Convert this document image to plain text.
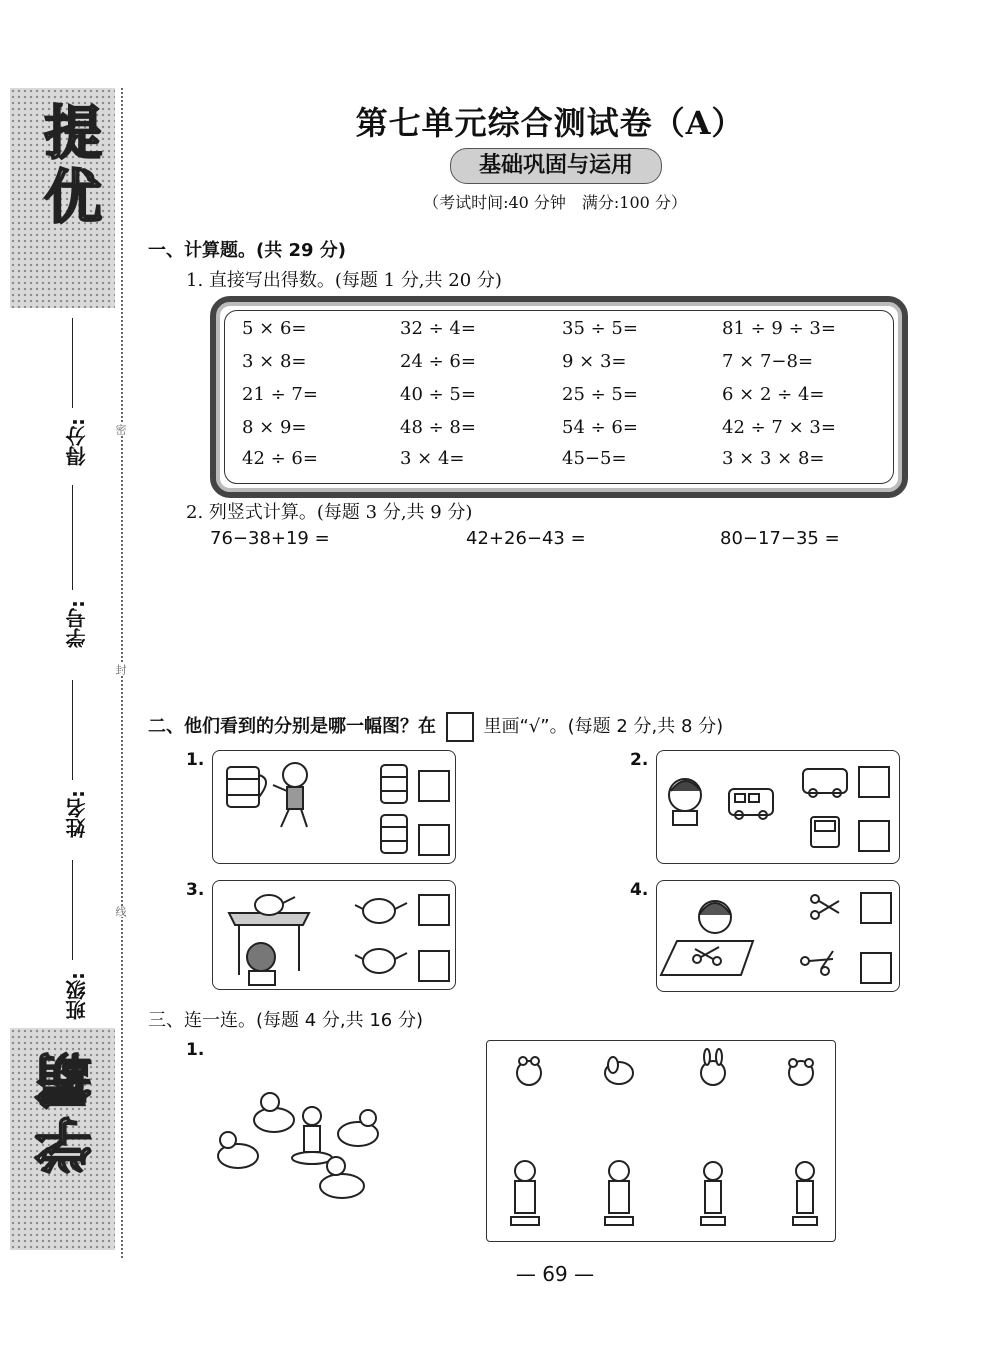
提优
学霸
得分:
学号:
姓名:
班级:
密
封
线
第七单元综合测试卷（A）
基础巩固与运用
（考试时间:40 分钟　满分:100 分）
一、计算题。(共 29 分)
1. 直接写出得数。(每题 1 分,共 20 分)
5 × 6=	32 ÷ 4=	35 ÷ 5=	81 ÷ 9 ÷ 3=
3 × 8=	24 ÷ 6=	9 × 3=	7 × 7−8=
21 ÷ 7=	40 ÷ 5=	25 ÷ 5=	6 × 2 ÷ 4=
8 × 9=	48 ÷ 8=	54 ÷ 6=	42 ÷ 7 × 3=
42 ÷ 6=	3 × 4=	45−5=	3 × 3 × 8=
2. 列竖式计算。(每题 3 分,共 9 分)
76−38+19 =	42+26−43 =	80−17−35 =
二、他们看到的分别是哪一幅图？在	里画“√”。(每题 2 分,共 8 分)
1.	2.
3.	4.
三、连一连。(每题 4 分,共 16 分)
1.
— 69 —
